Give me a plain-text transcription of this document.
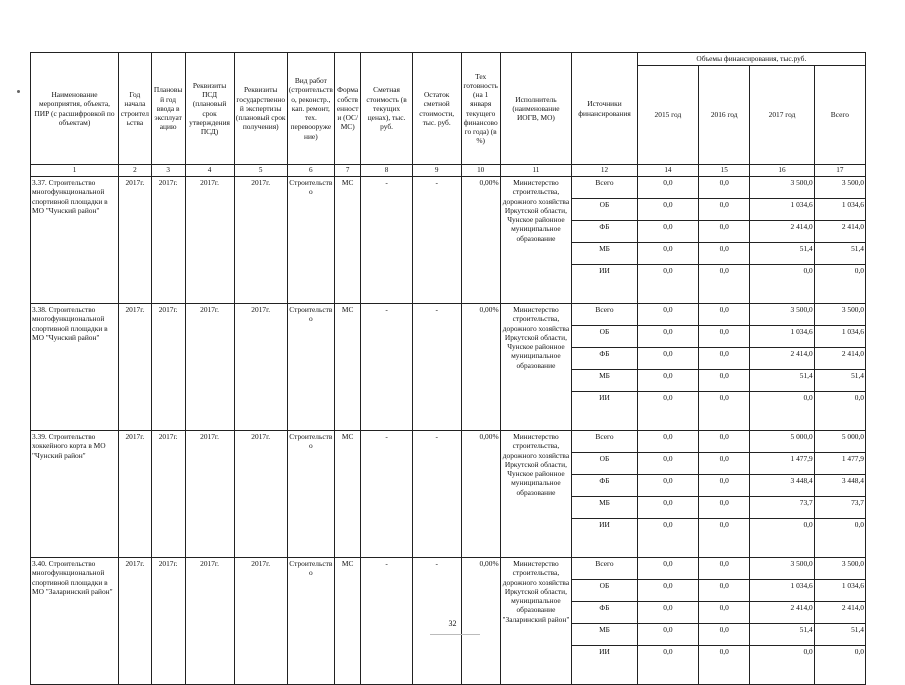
Наименование мероприятия, объекта, ПИР (с расшифровкой по объектам)	Год начала строительства	Плановый год ввода в эксплуатацию	Реквизиты ПСД (плановый срок утверждения ПСД)	Реквизиты государственной экспертизы (плановый срок получения)	Вид работ (строительство, реконстр., кап. ремонт, тех. перевооружение)	Форма собственности (ОС/МС)	Сметная стоимость (в текущих ценах), тыс. руб.	Остаток сметной стоимости, тыс. руб.	Тех готовность (на 1 января текущего финансового года) (в %)	Исполнитель (наименование ИОГВ, МО)	Источники финансирования	Объемы финансирования, тыс.руб.			
												2015 год	2016 год	2017 год	Всего
1	2	3	4	5	6	7	8	9	10	11	12	14	15	16	17
3.37. Строительство многофункциональной спортивной площадки в МО "Чунский район"	2017г.	2017г.	2017г.	2017г.	Строительство	МС	-	-	0,00%	Министерство строительства, дорожного хозяйства Иркутской области, Чунское районное муниципальное образование	Всего	0,0	0,0	3 500,0	3 500,0
											ОБ	0,0	0,0	1 034,6	1 034,6
											ФБ	0,0	0,0	2 414,0	2 414,0
											МБ	0,0	0,0	51,4	51,4
											ИИ	0,0	0,0	0,0	0,0
3.38. Строительство многофункциональной спортивной площадки в МО "Чунский район"	2017г.	2017г.	2017г.	2017г.	Строительство	МС	-	-	0,00%	Министерство строительства, дорожного хозяйства Иркутской области, Чунское районное муниципальное образование	Всего	0,0	0,0	3 500,0	3 500,0
											ОБ	0,0	0,0	1 034,6	1 034,6
											ФБ	0,0	0,0	2 414,0	2 414,0
											МБ	0,0	0,0	51,4	51,4
											ИИ	0,0	0,0	0,0	0,0
3.39. Строительство хоккейного корта в МО "Чунский район"	2017г.	2017г.	2017г.	2017г.	Строительство	МС	-	-	0,00%	Министерство строительства, дорожного хозяйства Иркутской области, Чунское районное муниципальное образование	Всего	0,0	0,0	5 000,0	5 000,0
											ОБ	0,0	0,0	1 477,9	1 477,9
											ФБ	0,0	0,0	3 448,4	3 448,4
											МБ	0,0	0,0	73,7	73,7
											ИИ	0,0	0,0	0,0	0,0
3.40. Строительство многофункциональной спортивной площадки в МО "Заларинский район"	2017г.	2017г.	2017г.	2017г.	Строительство	МС	-	-	0,00%	Министерство строительства, дорожного хозяйства Иркутской области, муниципальное образование "Заларинский район"	Всего	0,0	0,0	3 500,0	3 500,0
											ОБ	0,0	0,0	1 034,6	1 034,6
											ФБ	0,0	0,0	2 414,0	2 414,0
											МБ	0,0	0,0	51,4	51,4
											ИИ	0,0	0,0	0,0	0,0
32
